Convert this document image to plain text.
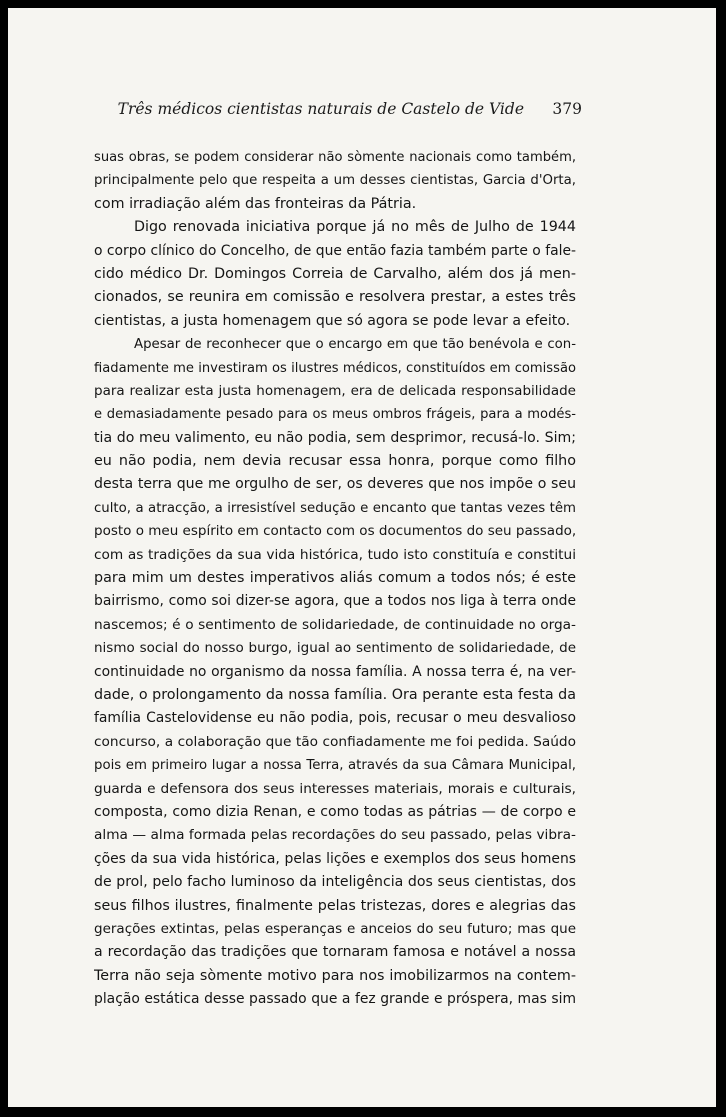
Três médicos cientistas naturais de Castelo de Vide 379
suas obras, se podem considerar não sòmente nacionais como também,
principalmente pelo que respeita a um desses cientistas, Garcia d'Orta,
com irradiação além das fronteiras da Pátria.
Digo renovada iniciativa porque já no mês de Julho de 1944
o corpo clínico do Concelho, de que então fazia também parte o fale-
cido médico Dr. Domingos Correia de Carvalho, além dos já men-
cionados, se reunira em comissão e resolvera prestar, a estes três
cientistas, a justa homenagem que só agora se pode levar a efeito.
Apesar de reconhecer que o encargo em que tão benévola e con-
fiadamente me investiram os ilustres médicos, constituídos em comissão
para realizar esta justa homenagem, era de delicada responsabilidade
e demasiadamente pesado para os meus ombros frágeis, para a modés-
tia do meu valimento, eu não podia, sem desprimor, recusá-lo. Sim;
eu não podia, nem devia recusar essa honra, porque como filho
desta terra que me orgulho de ser, os deveres que nos impõe o seu
culto, a atracção, a irresistível sedução e encanto que tantas vezes têm
posto o meu espírito em contacto com os documentos do seu passado,
com as tradições da sua vida histórica, tudo isto constituía e constitui
para mim um destes imperativos aliás comum a todos nós; é este
bairrismo, como soi dizer-se agora, que a todos nos liga à terra onde
nascemos; é o sentimento de solidariedade, de continuidade no orga-
nismo social do nosso burgo, igual ao sentimento de solidariedade, de
continuidade no organismo da nossa família. A nossa terra é, na ver-
dade, o prolongamento da nossa família. Ora perante esta festa da
família Castelovidense eu não podia, pois, recusar o meu desvalioso
concurso, a colaboração que tão confiadamente me foi pedida. Saúdo
pois em primeiro lugar a nossa Terra, através da sua Câmara Municipal,
guarda e defensora dos seus interesses materiais, morais e culturais,
composta, como dizia Renan, e como todas as pátrias — de corpo e
alma — alma formada pelas recordações do seu passado, pelas vibra-
ções da sua vida histórica, pelas lições e exemplos dos seus homens
de prol, pelo facho luminoso da inteligência dos seus cientistas, dos
seus filhos ilustres, finalmente pelas tristezas, dores e alegrias das
gerações extintas, pelas esperanças e anceios do seu futuro; mas que
a recordação das tradições que tornaram famosa e notável a nossa
Terra não seja sòmente motivo para nos imobilizarmos na contem-
plação estática desse passado que a fez grande e próspera, mas sim
